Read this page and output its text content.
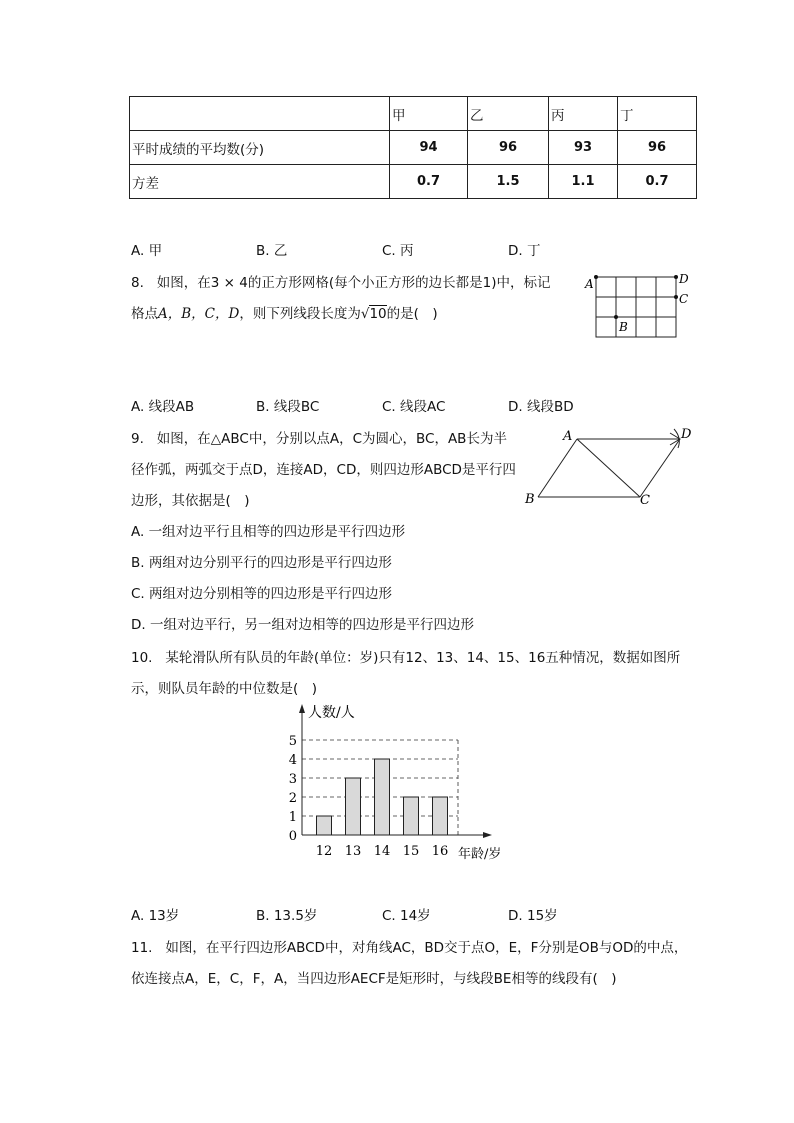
	甲	乙	丙	丁
平时成绩的平均数(分)	94	96	93	96
方差	0.7	1.5	1.1	0.7
A. 甲	B. 乙	C. 丙	D. 丁
8. 如图，在3 × 4的正方形网格(每个小正方形的边长都是1)中，标记
格点A，B，C，D，则下列线段长度为√10的是(　)
A	D
C
B
A. 线段AB	B. 线段BC	C. 线段AC	D. 线段BD
9. 如图，在△ABC中，分别以点A，C为圆心，BC，AB长为半
径作弧，两弧交于点D，连接AD，CD，则四边形ABCD是平行四
边形，其依据是(　)
A	D
B	C
A. 一组对边平行且相等的四边形是平行四边形
B. 两组对边分别平行的四边形是平行四边形
C. 两组对边分别相等的四边形是平行四边形
D. 一组对边平行，另一组对边相等的四边形是平行四边形
10. 某轮滑队所有队员的年龄(单位：岁)只有12、13、14、15、16五种情况，数据如图所
示，则队员年龄的中位数是(　)
0
1
2
3
4
5
12 13 14 15 16
人数/人
年龄/岁
A. 13岁	B. 13.5岁	C. 14岁	D. 15岁
11. 如图，在平行四边形ABCD中，对角线AC，BD交于点O，E，F分别是OB与OD的中点，
依连接点A，E，C，F，A，当四边形AECF是矩形时，与线段BE相等的线段有(　)
